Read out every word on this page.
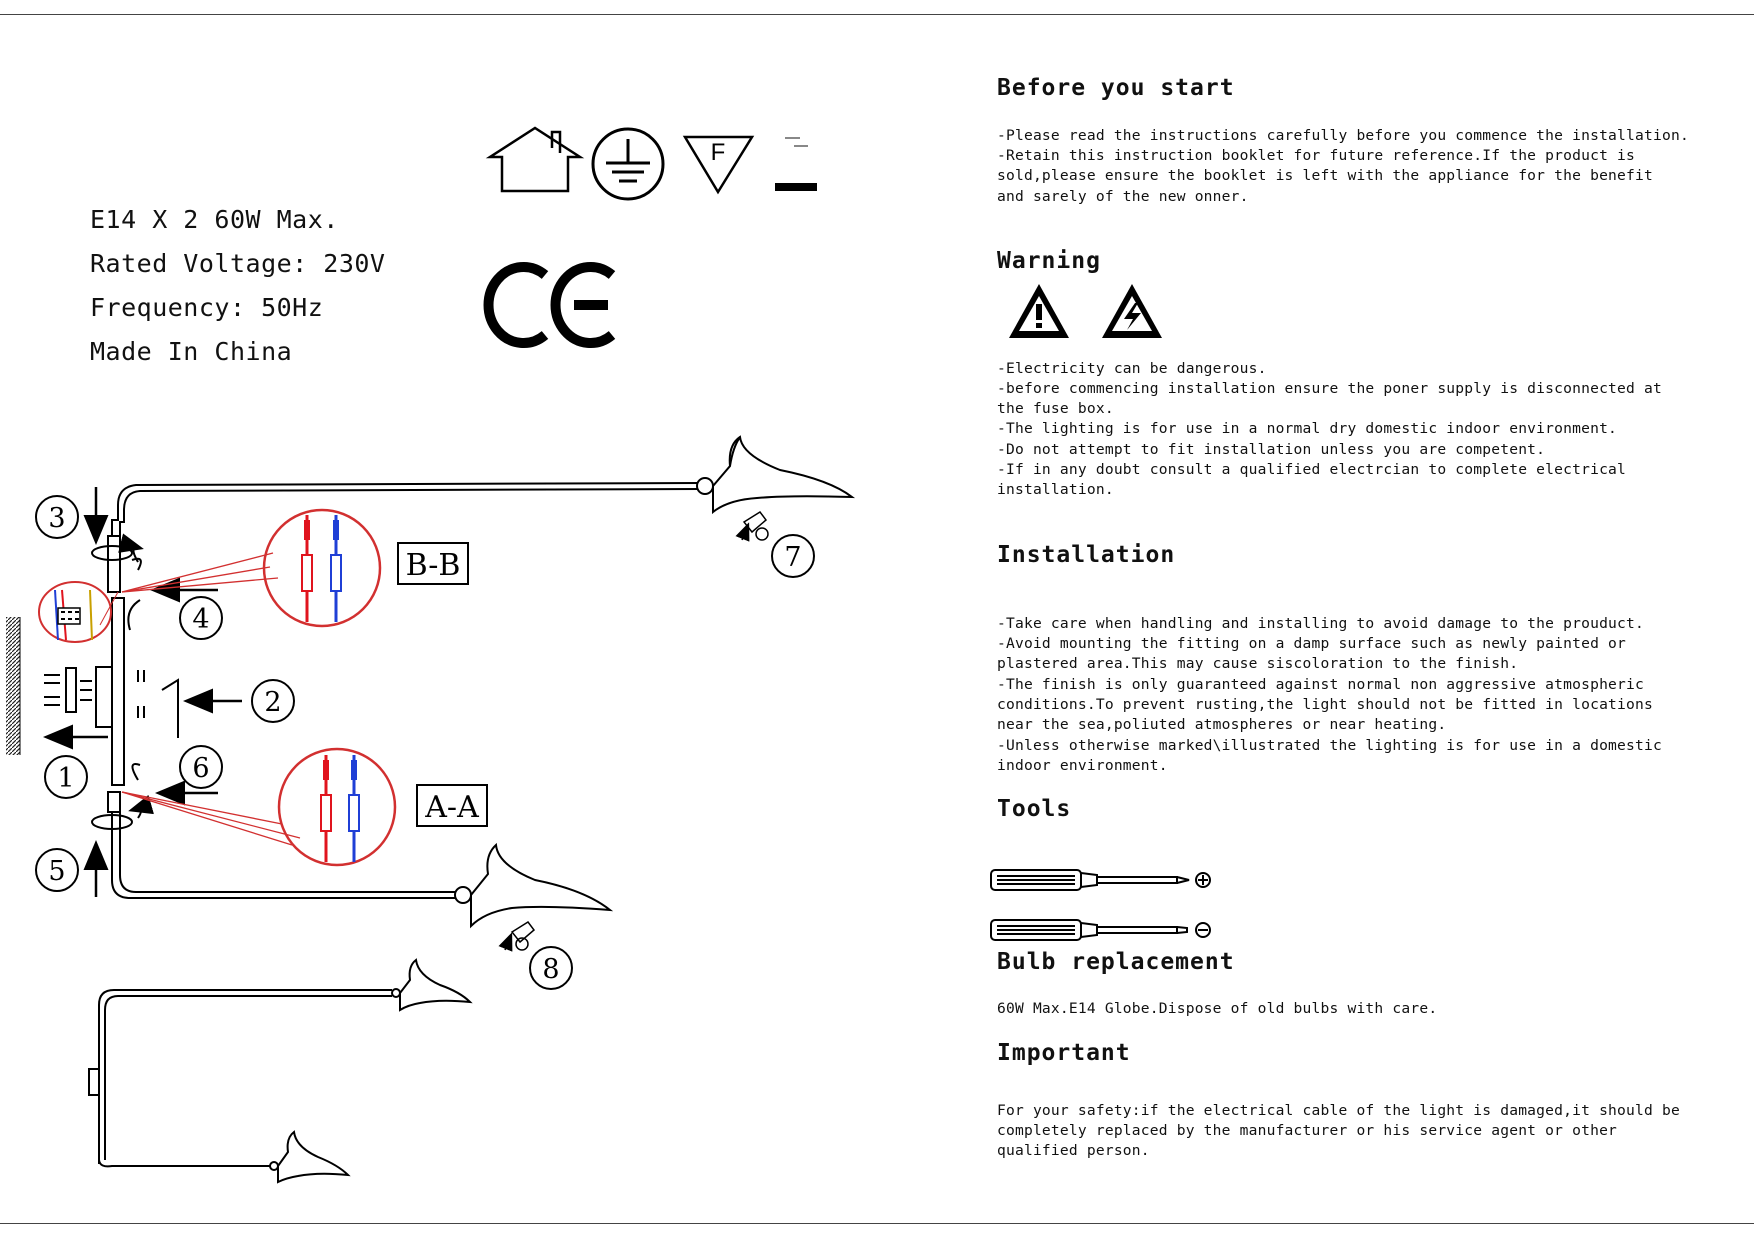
F
CE
B-B
A-A
1
2
3
4
5
6
7
8
E14 X 2 60W Max.
Rated Voltage: 230V
Frequency: 50Hz
Made In China
Before you start
-Please read the instructions carefully before you commence the installation.
-Retain this instruction booklet for future reference.If the product is
sold,please ensure the booklet is left with the appliance for the benefit
and sarely of the new onner.
Warning
-Electricity can be dangerous.
-before commencing installation ensure the poner supply is disconnected at
the fuse box.
-The lighting is for use in a normal dry domestic indoor environment.
-Do not attempt to fit installation unless you are competent.
-If in any doubt consult a qualified electrcian to complete electrical
installation.
Installation
-Take care when handling and installing to avoid damage to the prouduct.
-Avoid mounting the fitting on a damp surface such as newly painted or
plastered area.This may cause siscoloration to the finish.
-The finish is only guaranteed against normal non aggressive atmospheric
conditions.To prevent rusting,the light should not be fitted in locations
near the sea,poliuted atmospheres or near heating.
-Unless otherwise marked\illustrated the lighting is for use in a domestic
indoor environment.
Tools
Bulb replacement
60W Max.E14 Globe.Dispose of old bulbs with care.
Important
For your safety:if the electrical cable of the light is damaged,it should be
completely replaced by the manufacturer or his service agent or other
qualified person.
